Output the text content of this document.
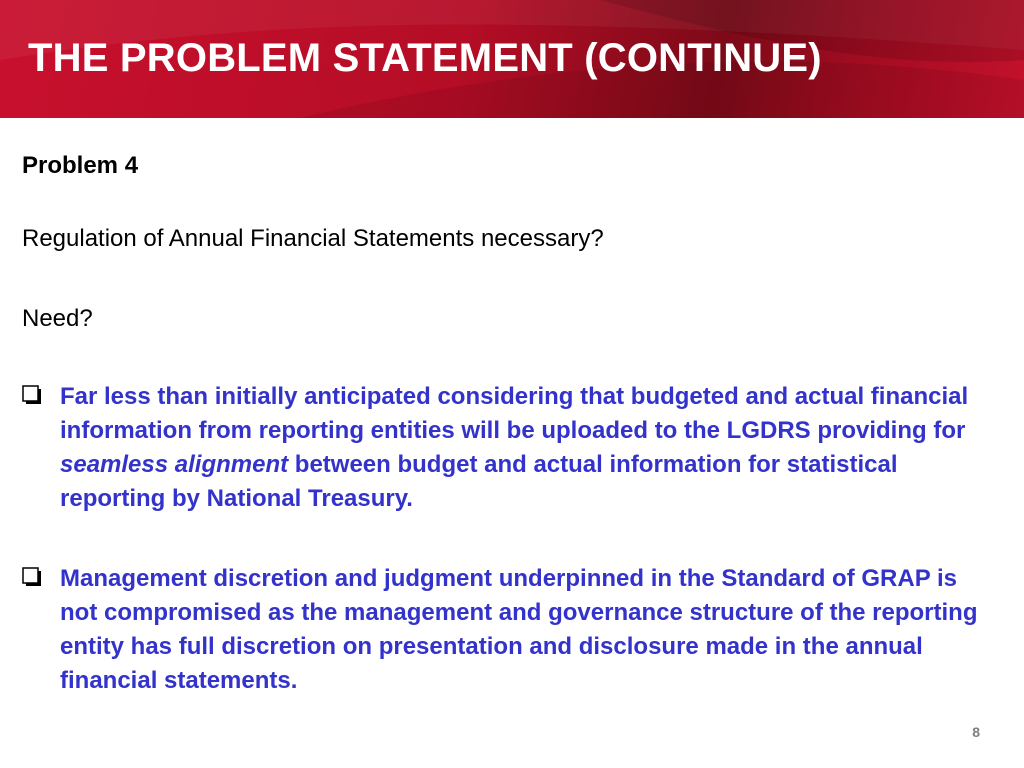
THE PROBLEM STATEMENT (CONTINUE)
Problem 4
Regulation of Annual Financial Statements necessary?
Need?
Far less than initially anticipated considering that budgeted and actual financial information from reporting entities will be uploaded to the LGDRS providing for seamless alignment between budget and actual information for statistical reporting by National Treasury.
Management discretion and judgment underpinned in the Standard of GRAP is not compromised as the management and governance structure of the reporting entity has full discretion on presentation and disclosure made in the annual financial statements.
8
